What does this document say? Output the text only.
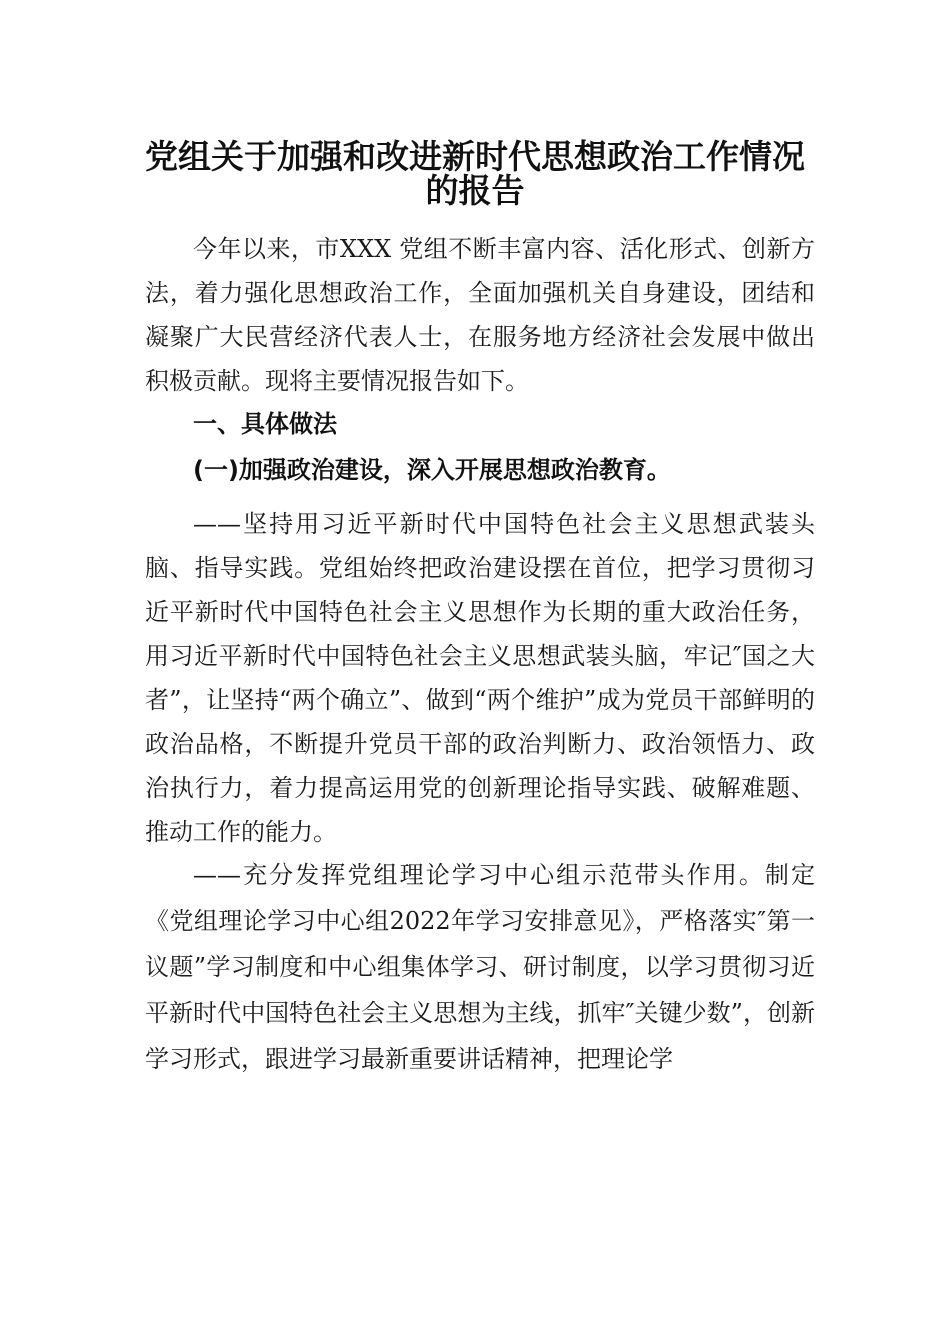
党组关于加强和改进新时代思想政治工作情况的报告

今年以来，市XXX 党组不断丰富内容、活化形式、创新方法，着力强化思想政治工作，全面加强机关自身建设，团结和凝聚广大民营经济代表人士，在服务地方经济社会发展中做出积极贡献。现将主要情况报告如下。

一、具体做法
(一)加强政治建设，深入开展思想政治教育。

——坚持用习近平新时代中国特色社会主义思想武装头脑、指导实践。党组始终把政治建设摆在首位，把学习贯彻习近平新时代中国特色社会主义思想作为长期的重大政治任务，用习近平新时代中国特色社会主义思想武装头脑，牢记″国之大者”，让坚持“两个确立”、做到“两个维护”成为党员干部鲜明的政治品格，不断提升党员干部的政治判断力、政治领悟力、政治执行力，着力提高运用党的创新理论指导实践、破解难题、推动工作的能力。

——充分发挥党组理论学习中心组示范带头作用。制定《党组理论学习中心组2022年学习安排意见》，严格落实″第一议题”学习制度和中心组集体学习、研讨制度，以学习贯彻习近平新时代中国特色社会主义思想为主线，抓牢″关键少数”，创新学习形式，跟进学习最新重要讲话精神，把理论学
